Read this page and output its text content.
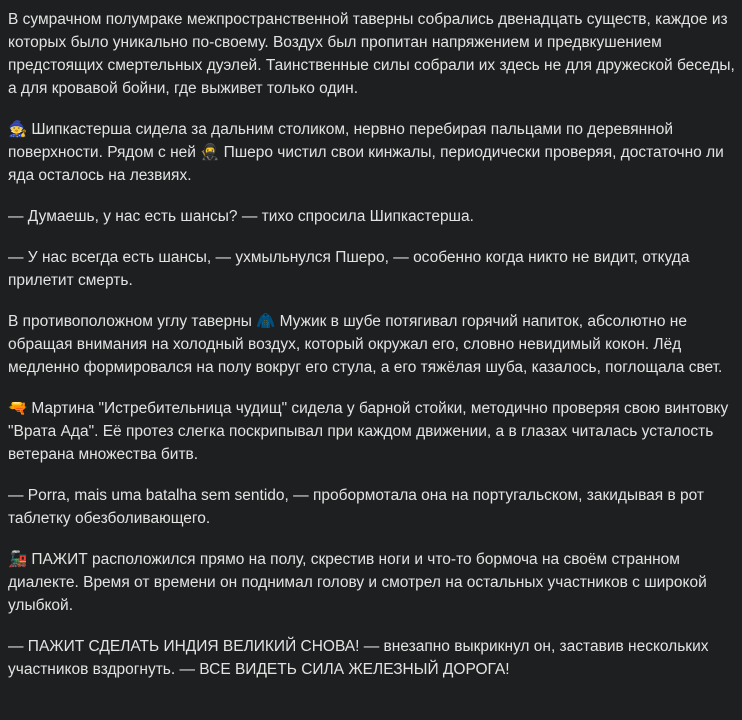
В сумрачном полумраке межпространственной таверны собрались двенадцать существ, каждое из которых было уникально по-своему. Воздух был пропитан напряжением и предвкушением предстоящих смертельных дуэлей. Таинственные силы собрали их здесь не для дружеской беседы, а для кровавой бойни, где выживет только один.

🧙 Шипкастерша сидела за дальним столиком, нервно перебирая пальцами по деревянной поверхности. Рядом с ней 🥷 Пшеро чистил свои кинжалы, периодически проверяя, достаточно ли яда осталось на лезвиях.

— Думаешь, у нас есть шансы? — тихо спросила Шипкастерша.

— У нас всегда есть шансы, — ухмыльнулся Пшеро, — особенно когда никто не видит, откуда прилетит смерть.

В противоположном углу таверны 🧥 Мужик в шубе потягивал горячий напиток, абсолютно не обращая внимания на холодный воздух, который окружал его, словно невидимый кокон. Лёд медленно формировался на полу вокруг его стула, а его тяжёлая шуба, казалось, поглощала свет.

🔫 Мартина "Истребительница чудищ" сидела у барной стойки, методично проверяя свою винтовку "Врата Ада". Её протез слегка поскрипывал при каждом движении, а в глазах читалась усталость ветерана множества битв.

— Porra, mais uma batalha sem sentido, — пробормотала она на португальском, закидывая в рот таблетку обезболивающего.

🚂 ПАЖИТ расположился прямо на полу, скрестив ноги и что-то бормоча на своём странном диалекте. Время от времени он поднимал голову и смотрел на остальных участников с широкой улыбкой.

— ПАЖИТ СДЕЛАТЬ ИНДИЯ ВЕЛИКИЙ СНОВА! — внезапно выкрикнул он, заставив нескольких участников вздрогнуть. — ВСЕ ВИДЕТЬ СИЛА ЖЕЛЕЗНЫЙ ДОРОГА!
